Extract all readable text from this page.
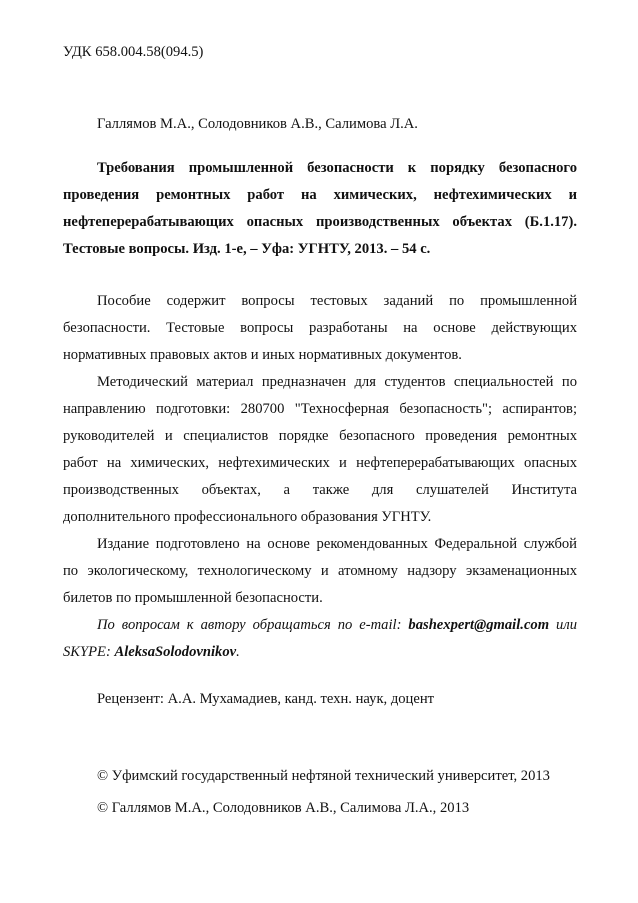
УДК 658.004.58(094.5)
Галлямов М.А., Солодовников А.В., Салимова Л.А.
Требования промышленной безопасности к порядку безопасного
проведения ремонтных работ на химических, нефтехимических и
нефтеперерабатывающих опасных производственных объектах (Б.1.17).
Тестовые вопросы. Изд. 1-е, – Уфа: УГНТУ, 2013. – 54 с.
Пособие содержит вопросы тестовых заданий по промышленной
безопасности. Тестовые вопросы разработаны на основе действующих
нормативных правовых актов и иных нормативных документов.
Методический материал предназначен для студентов специальностей по
направлению подготовки: 280700 "Техносферная безопасность"; аспирантов;
руководителей и специалистов порядке безопасного проведения ремонтных
работ на химических, нефтехимических и нефтеперерабатывающих опасных
производственных объектах, а также для слушателей Института
дополнительного профессионального образования УГНТУ.
Издание подготовлено на основе рекомендованных Федеральной службой
по экологическому, технологическому и атомному надзору экзаменационных
билетов по промышленной безопасности.
По вопросам к автору обращаться по e-mail: bashexpert@gmail.com или
SKYPE: AleksaSolodovnikov.
Рецензент: А.А. Мухамадиев, канд. техн. наук, доцент
© Уфимский государственный нефтяной технический университет, 2013
© Галлямов М.А., Солодовников А.В., Салимова Л.А., 2013
